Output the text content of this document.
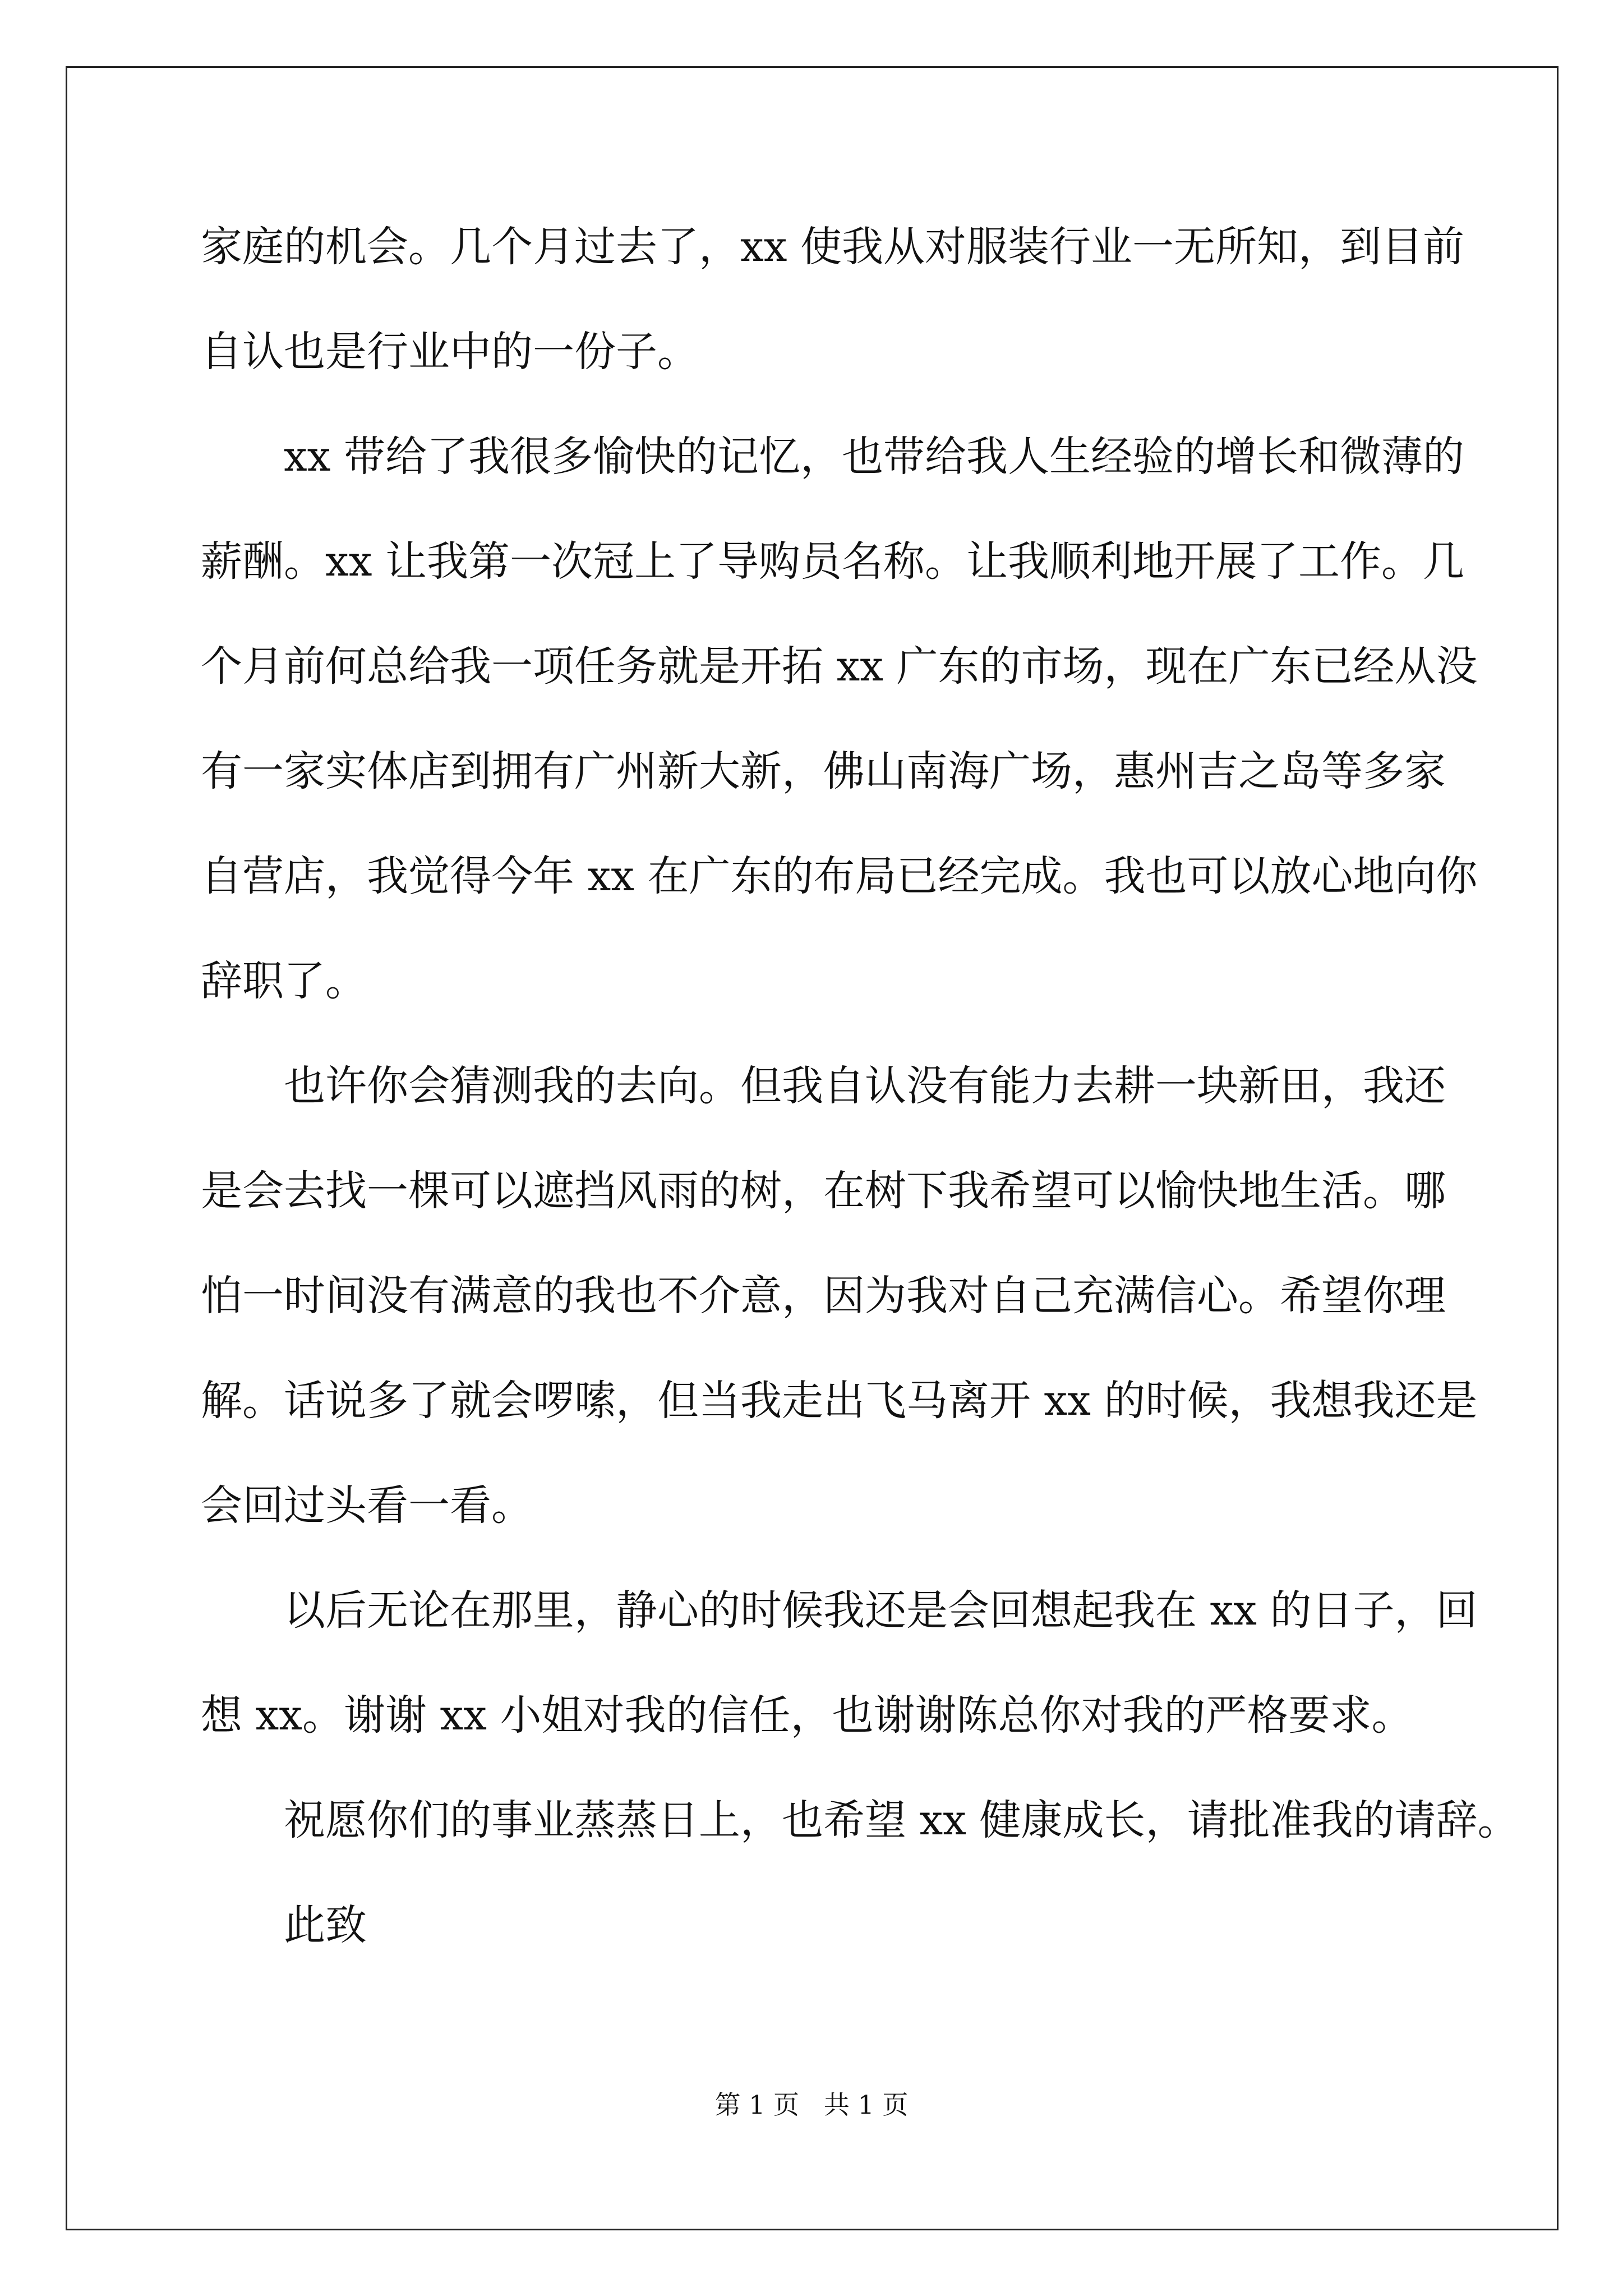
家庭的机会。几个月过去了，xx 使我从对服装行业一无所知，到目前
自认也是行业中的一份子。
xx 带给了我很多愉快的记忆，也带给我人生经验的增长和微薄的
薪酬。xx 让我第一次冠上了导购员名称。让我顺利地开展了工作。几
个月前何总给我一项任务就是开拓 xx 广东的市场，现在广东已经从没
有一家实体店到拥有广州新大新，佛山南海广场，惠州吉之岛等多家
自营店，我觉得今年 xx 在广东的布局已经完成。我也可以放心地向你
辞职了。
也许你会猜测我的去向。但我自认没有能力去耕一块新田，我还
是会去找一棵可以遮挡风雨的树，在树下我希望可以愉快地生活。哪
怕一时间没有满意的我也不介意，因为我对自己充满信心。希望你理
解。话说多了就会啰嗦，但当我走出飞马离开 xx 的时候，我想我还是
会回过头看一看。
以后无论在那里，静心的时候我还是会回想起我在 xx 的日子，回
想 xx。谢谢 xx 小姐对我的信任，也谢谢陈总你对我的严格要求。
祝愿你们的事业蒸蒸日上，也希望 xx 健康成长，请批准我的请辞。
此致
第 1 页   共 1 页
